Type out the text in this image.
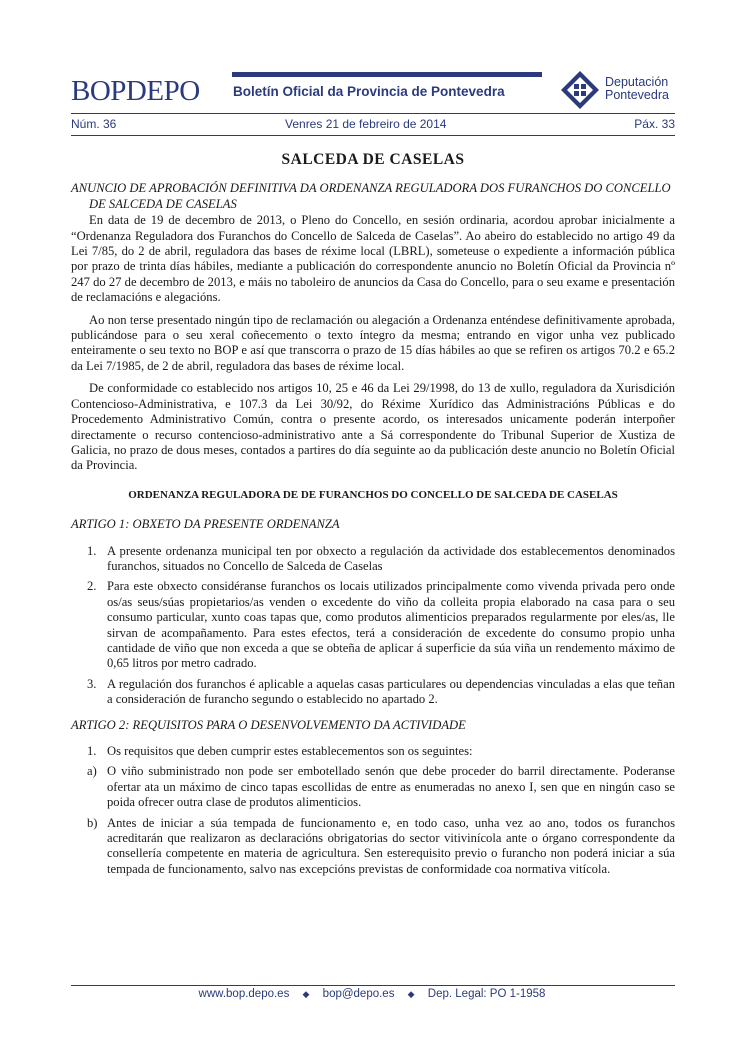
BOPDEPO Boletín Oficial da Provincia de Pontevedra
Deputación
Pontevedra
Núm. 36	Venres 21 de febreiro de 2014	Páx. 33
SALCEDA DE CASELAS
ANUNCIO DE APROBACIÓN DEFINITIVA DA ORDENANZA REGULADORA DOS FURANCHOS DO CONCELLO DE SALCEDA DE CASELAS

En data de 19 de decembro de 2013, o Pleno do Concello, en sesión ordinaria, acordou aprobar inicialmente a “Ordenanza Reguladora dos Furanchos do Concello de Salceda de Caselas”. Ao abeiro do establecido no artigo 49 da Lei 7/85, do 2 de abril, reguladora das bases de réxime local (LBRL), someteuse o expediente a información pública por prazo de trinta días hábiles, mediante a publicación do correspondente anuncio no Boletín Oficial da Provincia nº 247 do 27 de decembro de 2013, e máis no taboleiro de anuncios da Casa do Concello, para o seu exame e presentación de reclamacións e alegacións.

Ao non terse presentado ningún tipo de reclamación ou alegación a Ordenanza enténdese definitivamente aprobada, publicándose para o seu xeral coñecemento o texto íntegro da mesma; entrando en vigor unha vez publicado enteiramente o seu texto no BOP e así que transcorra o prazo de 15 días hábiles ao que se refiren os artigos 70.2 e 65.2 da Lei 7/1985, de 2 de abril, reguladora das bases de réxime local.

De conformidade co establecido nos artigos 10, 25 e 46 da Lei 29/1998, do 13 de xullo, reguladora da Xurisdición Contencioso-Administrativa, e 107.3 da Lei 30/92, do Réxime Xurídico das Administracións Públicas e do Procedemento Administrativo Común, contra o presente acordo, os interesados unicamente poderán interpoñer directamente o recurso contencioso-administrativo ante a Sá correspondente do Tribunal Superior de Xustiza de Galicia, no prazo de dous meses, contados a partires do día seguinte ao da publicación deste anuncio no Boletín Oficial da Provincia.

ORDENANZA REGULADORA DE DE FURANCHOS DO CONCELLO DE SALCEDA DE CASELAS
ARTIGO 1: OBXETO DA PRESENTE ORDENANZA
1. A presente ordenanza municipal ten por obxecto a regulación da actividade dos establecementos denominados furanchos, situados no Concello de Salceda de Caselas
2. Para este obxecto considéranse furanchos os locais utilizados principalmente como vivenda privada pero onde os/as seus/súas propietarios/as venden o excedente do viño da colleita propia elaborado na casa para o seu consumo particular, xunto coas tapas que, como produtos alimenticios preparados regularmente por eles/as, lle sirvan de acompañamento. Para estes efectos, terá a consideración de excedente do consumo propio unha cantidade de viño que non exceda a que se obteña de aplicar á superficie da súa viña un rendemento máximo de 0,65 litros por metro cadrado.
3. A regulación dos furanchos é aplicable a aquelas casas particulares ou dependencias vinculadas a elas que teñan a consideración de furancho segundo o establecido no apartado 2.
ARTIGO 2: REQUISITOS PARA O DESENVOLVEMENTO DA ACTIVIDADE
1. Os requisitos que deben cumprir estes establecementos son os seguintes:
a) O viño subministrado non pode ser embotellado senón que debe proceder do barril directamente. Poderanse ofertar ata un máximo de cinco tapas escollidas de entre as enumeradas no anexo I, sen que en ningún caso se poida ofrecer outra clase de produtos alimenticios.
b) Antes de iniciar a súa tempada de funcionamento e, en todo caso, unha vez ao ano, todos os furanchos acreditarán que realizaron as declaracións obrigatorias do sector vitivinícola ante o órgano correspondente da consellería competente en materia de agricultura. Sen esterequisito previo o furancho non poderá iniciar a súa tempada de funcionamento, salvo nas excepcións previstas de conformidade coa normativa vitícola.
www.bop.depo.es ◆ bop@depo.es ◆ Dep. Legal: PO 1-1958
